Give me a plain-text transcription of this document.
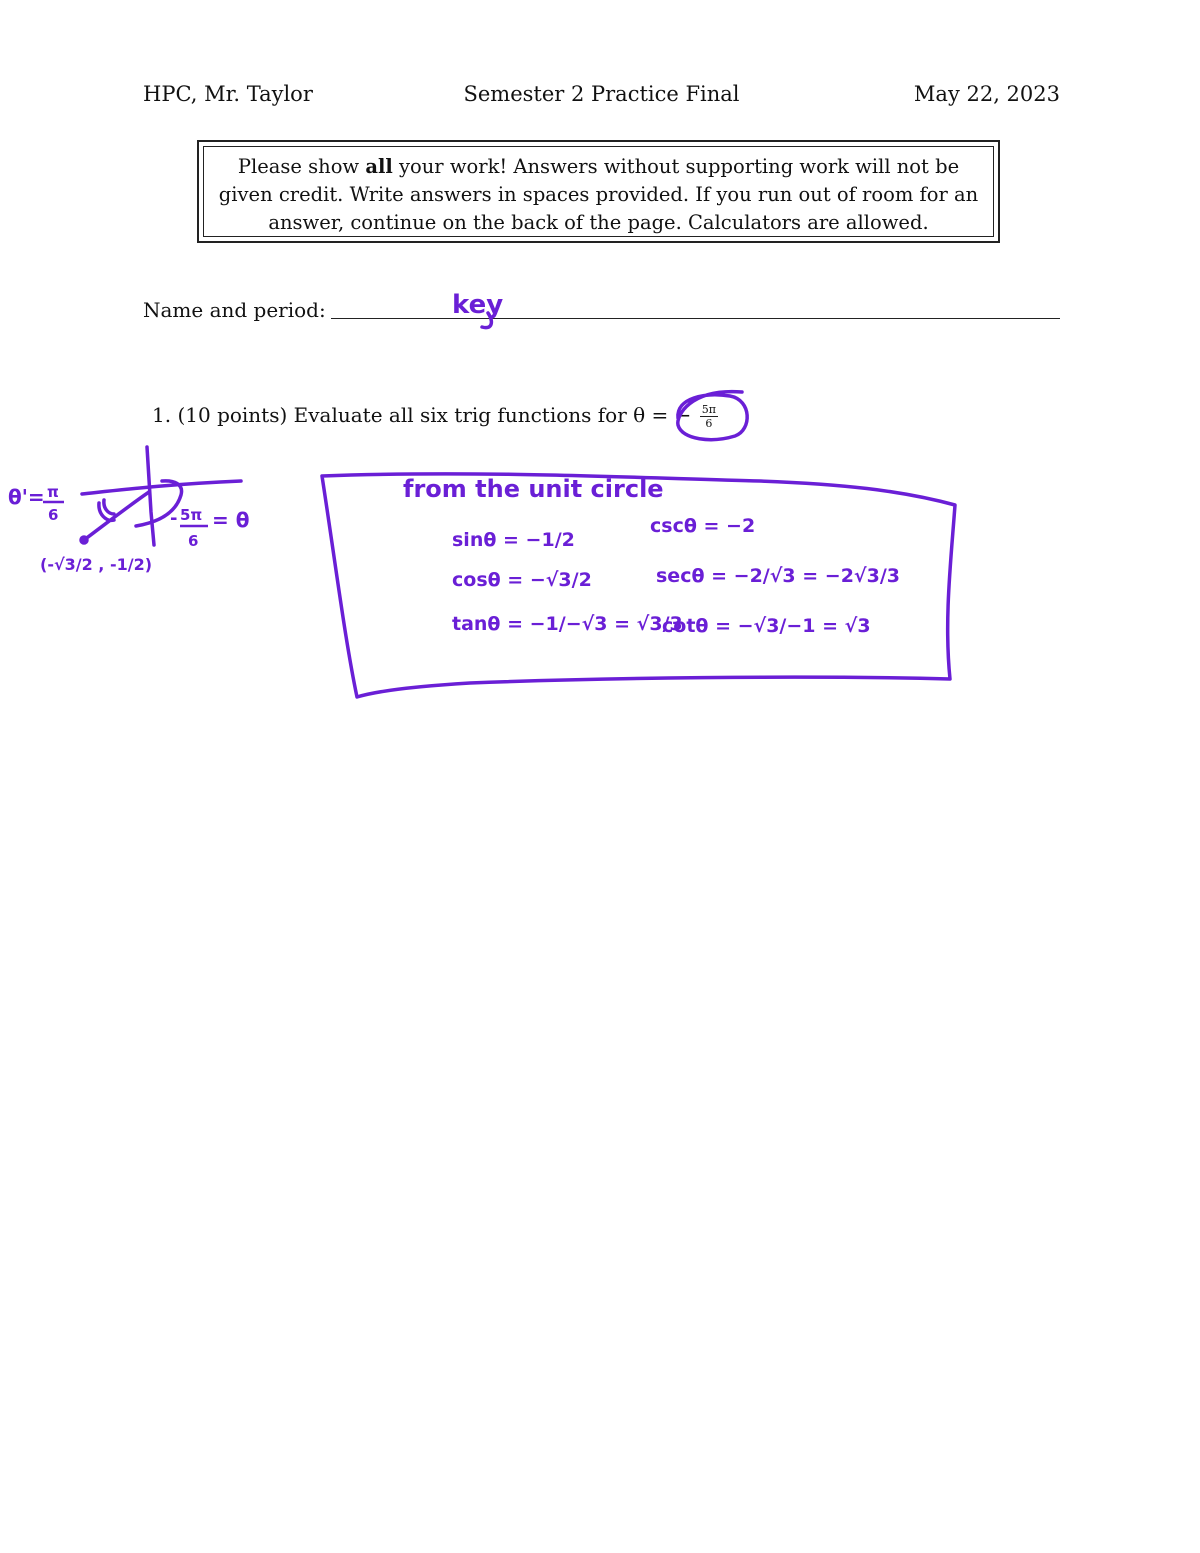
HPC, Mr. Taylor	Semester 2 Practice Final	May 22, 2023
Please show all your work! Answers without supporting work will not be given credit. Write answers in spaces provided. If you run out of room for an answer, continue on the back of the page. Calculators are allowed.
Name and period:
1. (10 points) Evaluate all six trig functions for θ = − $\frac{5\pi}{6}$
key
θ'= π
6	- 5π
6
= θ
(-√3/2 , -1/2)
from the unit circle
sinθ = −1/2
cosθ = −√3/2
tanθ = −1/−√3 = √3/3
cscθ = −2
secθ = −2/√3 = −2√3/3
cotθ = −√3/−1 = √3
